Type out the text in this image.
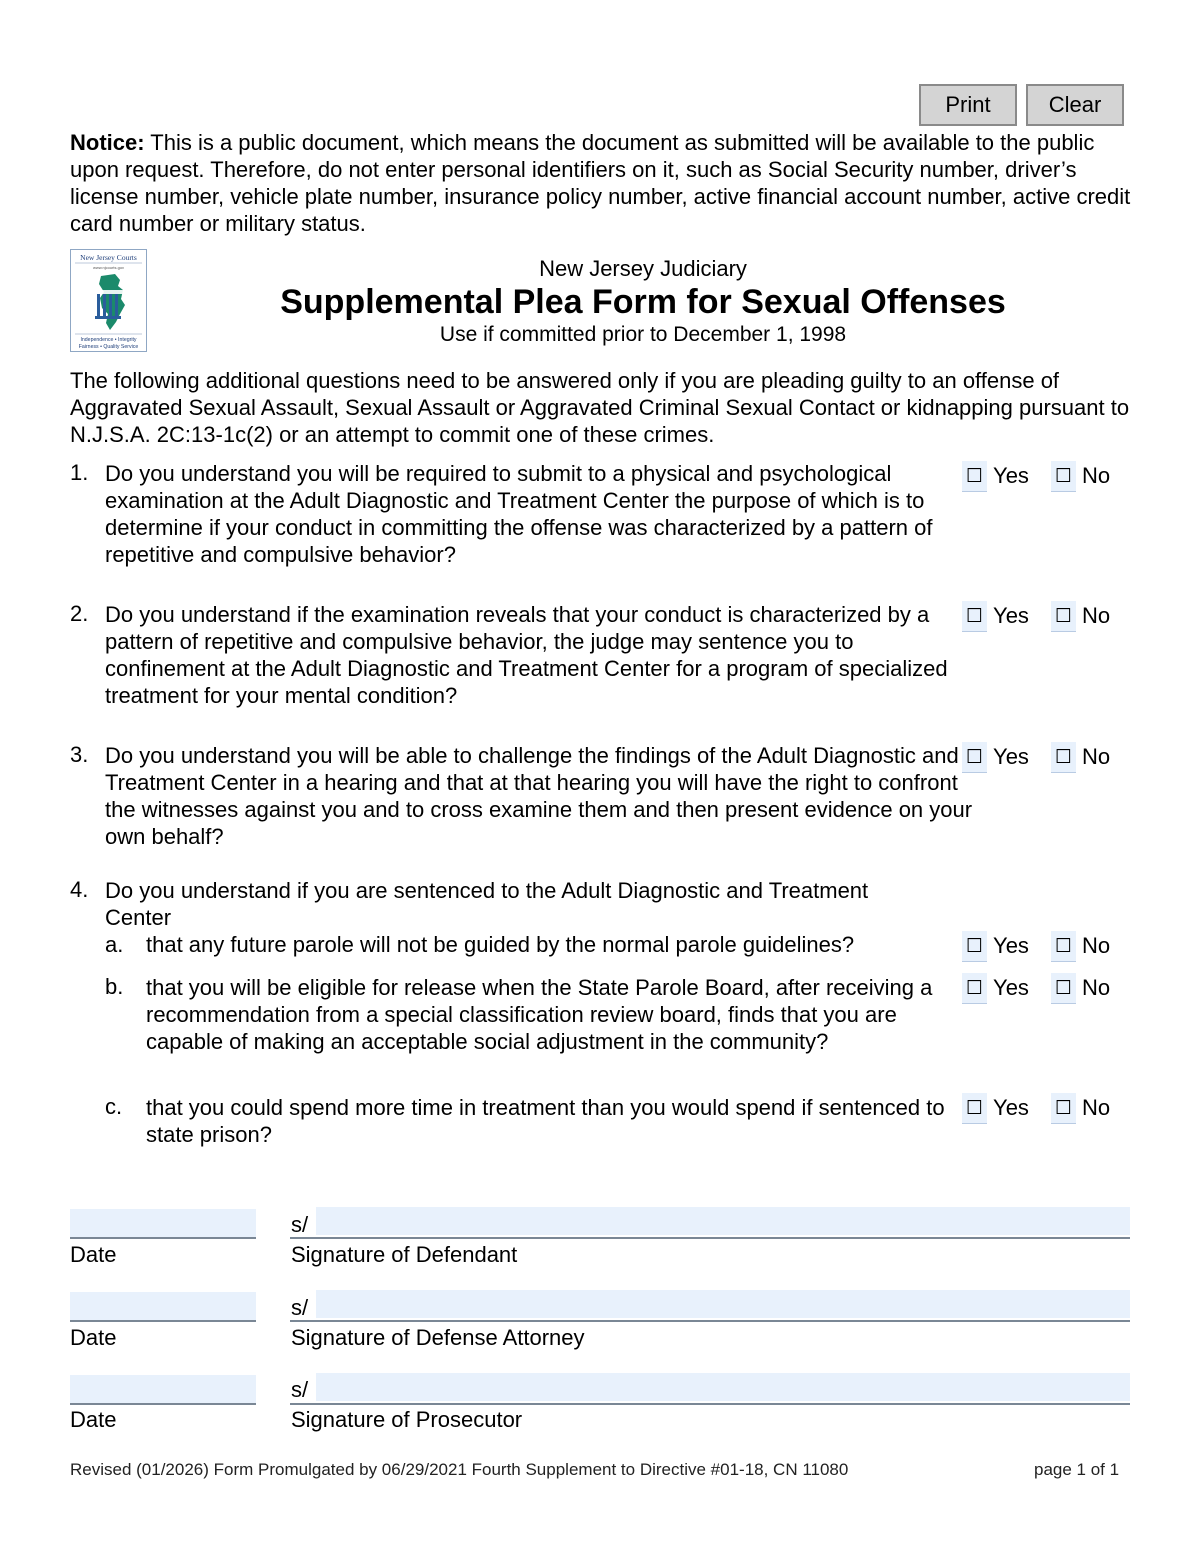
Print	Clear

Notice: This is a public document, which means the document as submitted will be available to the public upon request. Therefore, do not enter personal identifiers on it, such as Social Security number, driver’s license number, vehicle plate number, insurance policy number, active financial account number, active credit card number or military status.

New Jersey Courts
www.njcourts.gov
Independence • Integrity
Fairness • Quality Service
New Jersey Judiciary
Supplemental Plea Form for Sexual Offenses
Use if committed prior to December 1, 1998

The following additional questions need to be answered only if you are pleading guilty to an offense of Aggravated Sexual Assault, Sexual Assault or Aggravated Criminal Sexual Contact or kidnapping pursuant to N.J.S.A. 2C:13-1c(2) or an attempt to commit one of these crimes.

1. Do you understand you will be required to submit to a physical and psychological examination at the Adult Diagnostic and Treatment Center the purpose of which is to determine if your conduct in committing the offense was characterized by a pattern of repetitive and compulsive behavior?

☐ Yes ☐ No
2. Do you understand if the examination reveals that your conduct is characterized by a pattern of repetitive and compulsive behavior, the judge may sentence you to confinement at the Adult Diagnostic and Treatment Center for a program of specialized treatment for your mental condition?

☐ Yes ☐ No
3. Do you understand you will be able to challenge the findings of the Adult Diagnostic and Treatment Center in a hearing and that at that hearing you will have the right to confront the witnesses against you and to cross examine them and then present evidence on your own behalf?

☐ Yes ☐ No
4. Do you understand if you are sentenced to the Adult Diagnostic and Treatment Center

a. that any future parole will not be guided by the normal parole guidelines?	☐ Yes ☐ No
b. that you will be eligible for release when the State Parole Board, after receiving a recommendation from a special classification review board, finds that you are capable of making an acceptable social adjustment in the community?

☐ Yes ☐ No
c. that you could spend more time in treatment than you would spend if sentenced to state prison?

☐ Yes ☐ No
s/
Date	Signature of Defendant
s/
Date	Signature of Defense Attorney
s/
Date	Signature of Prosecutor
Revised (01/2026) Form Promulgated by 06/29/2021 Fourth Supplement to Directive #01-18, CN 11080	page 1 of 1
